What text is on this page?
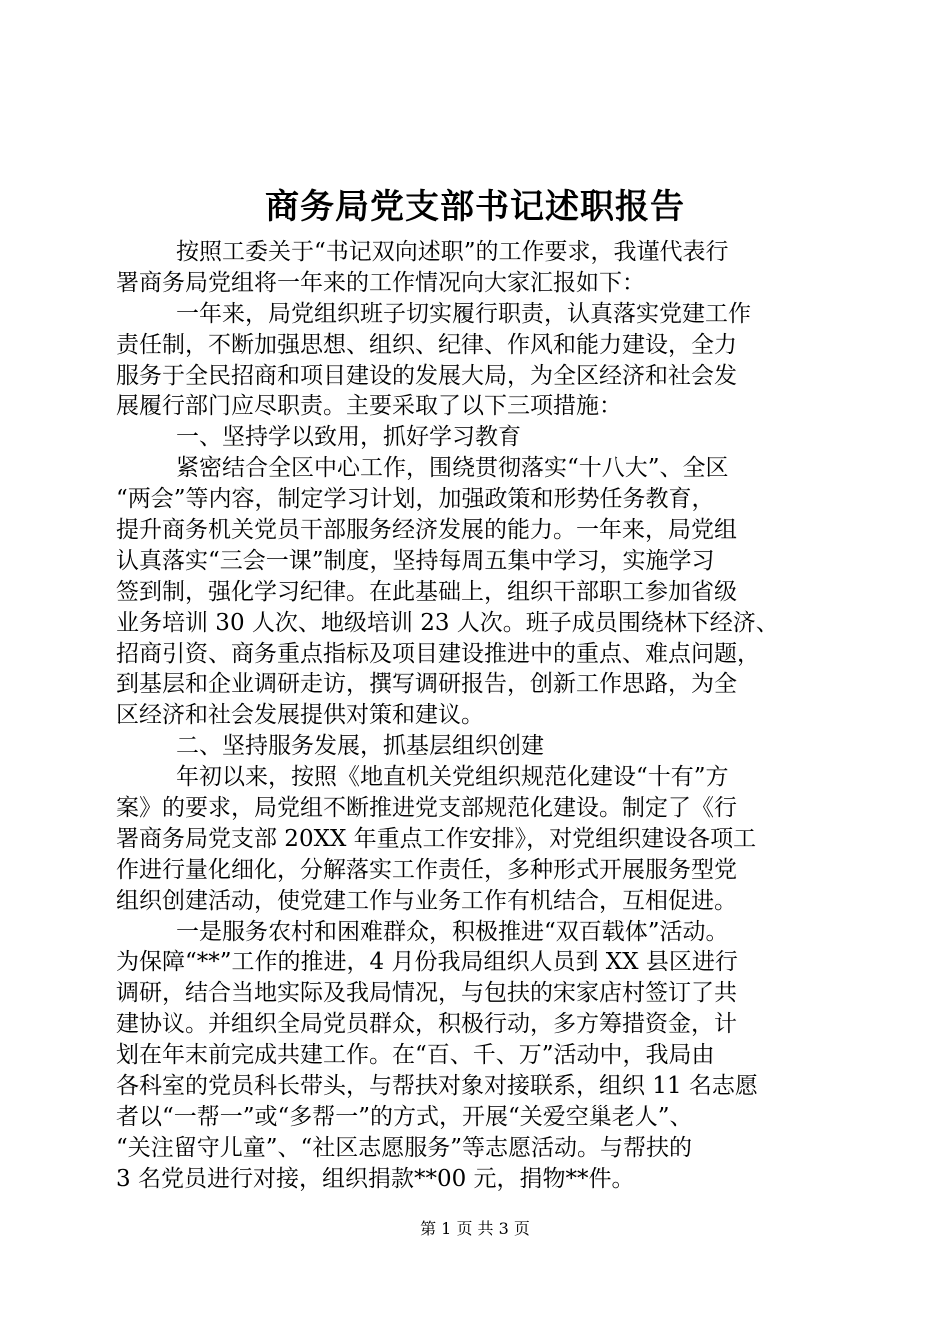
商务局党支部书记述职报告
按照工委关于“书记双向述职”的工作要求，我谨代表行
署商务局党组将一年来的工作情况向大家汇报如下：
一年来，局党组织班子切实履行职责，认真落实党建工作
责任制，不断加强思想、组织、纪律、作风和能力建设，全力
服务于全民招商和项目建设的发展大局，为全区经济和社会发
展履行部门应尽职责。主要采取了以下三项措施：
一、坚持学以致用，抓好学习教育
紧密结合全区中心工作，围绕贯彻落实“十八大”、全区
“两会”等内容，制定学习计划，加强政策和形势任务教育，
提升商务机关党员干部服务经济发展的能力。一年来，局党组
认真落实“三会一课”制度，坚持每周五集中学习，实施学习
签到制，强化学习纪律。在此基础上，组织干部职工参加省级
业务培训 30 人次、地级培训 23 人次。班子成员围绕林下经济、
招商引资、商务重点指标及项目建设推进中的重点、难点问题，
到基层和企业调研走访，撰写调研报告，创新工作思路，为全
区经济和社会发展提供对策和建议。
二、坚持服务发展，抓基层组织创建
年初以来，按照《地直机关党组织规范化建设“十有”方
案》的要求，局党组不断推进党支部规范化建设。制定了《行
署商务局党支部 20XX 年重点工作安排》，对党组织建设各项工
作进行量化细化，分解落实工作责任，多种形式开展服务型党
组织创建活动，使党建工作与业务工作有机结合，互相促进。
一是服务农村和困难群众，积极推进“双百载体”活动。
为保障“**”工作的推进，4 月份我局组织人员到 XX 县区进行
调研，结合当地实际及我局情况，与包扶的宋家店村签订了共
建协议。并组织全局党员群众，积极行动，多方筹措资金，计
划在年末前完成共建工作。在“百、千、万”活动中，我局由
各科室的党员科长带头，与帮扶对象对接联系，组织 11 名志愿
者以“一帮一”或“多帮一”的方式，开展“关爱空巢老人”、
“关注留守儿童”、“社区志愿服务”等志愿活动。与帮扶的
3 名党员进行对接，组织捐款**00 元，捐物**件。
第 1 页 共 3 页
